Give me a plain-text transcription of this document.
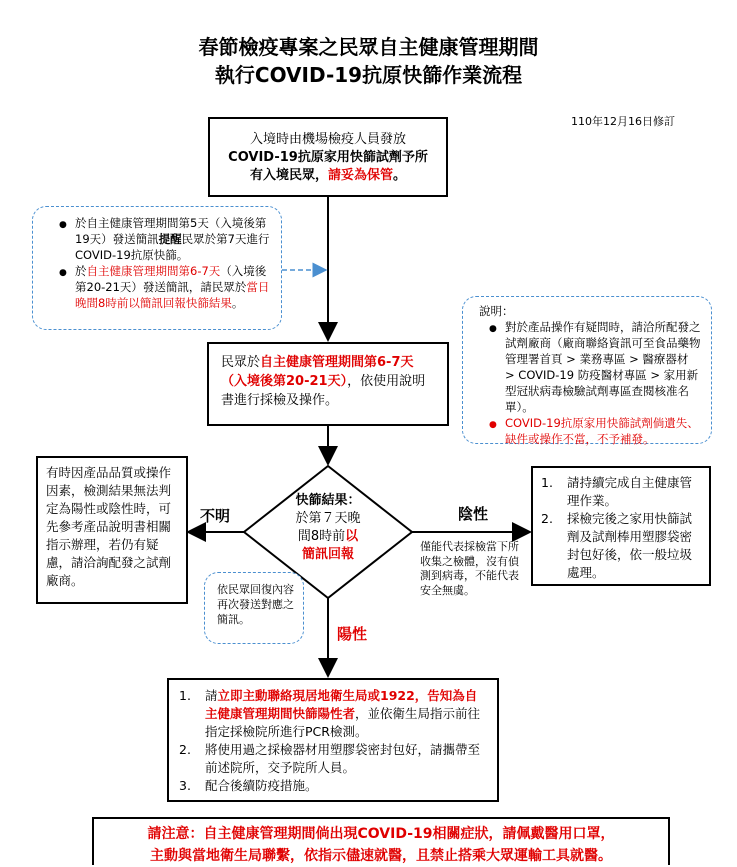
春節檢疫專案之民眾自主健康管理期間
執行COVID-19抗原快篩作業流程
110年12月16日修訂
入境時由機場檢疫人員發放
COVID-19抗原家用快篩試劑予所
有入境民眾，請妥為保管。
● 於自主健康管理期間第5天（入境後第19天）發送簡訊提醒民眾於第7天進行COVID-19抗原快篩。
● 於自主健康管理期間第6-7天（入境後第20-21天）發送簡訊，請民眾於當日晚間8時前以簡訊回報快篩結果。
說明：
● 對於產品操作有疑問時，請洽所配發之試劑廠商（廠商聯絡資訊可至食品藥物管理署首頁 > 業務專區 > 醫療器材 > COVID-19 防疫醫材專區 > 家用新型冠狀病毒檢驗試劑專區查閱核准名單）。
● COVID-19抗原家用快篩試劑倘遺失、缺件或操作不當，不予補發。
民眾於自主健康管理期間第6-7天（入境後第20-21天），依使用說明書進行採檢及操作。
快篩結果：
於第７天晚
間8時前以
簡訊回報
不明	陰性
陽性
有時因產品品質或操作因素，檢測結果無法判定為陽性或陰性時，可先參考產品說明書相關指示辦理，若仍有疑慮，請洽詢配發之試劑廠商。
僅能代表採檢當下所收集之檢體，沒有偵測到病毒，不能代表安全無虞。
1. 請持續完成自主健康管理作業。
2. 採檢完後之家用快篩試劑及試劑棒用塑膠袋密封包好後，依一般垃圾處理。
依民眾回復內容再次發送對應之簡訊。
1. 請立即主動聯絡現居地衛生局或1922，告知為自主健康管理期間快篩陽性者，並依衛生局指示前往指定採檢院所進行PCR檢測。
2. 將使用過之採檢器材用塑膠袋密封包好，請攜帶至前述院所，交予院所人員。
3. 配合後續防疫措施。
請注意：自主健康管理期間倘出現COVID-19相關症狀，請佩戴醫用口罩，
主動與當地衛生局聯繫，依指示儘速就醫，且禁止搭乘大眾運輸工具就醫。
